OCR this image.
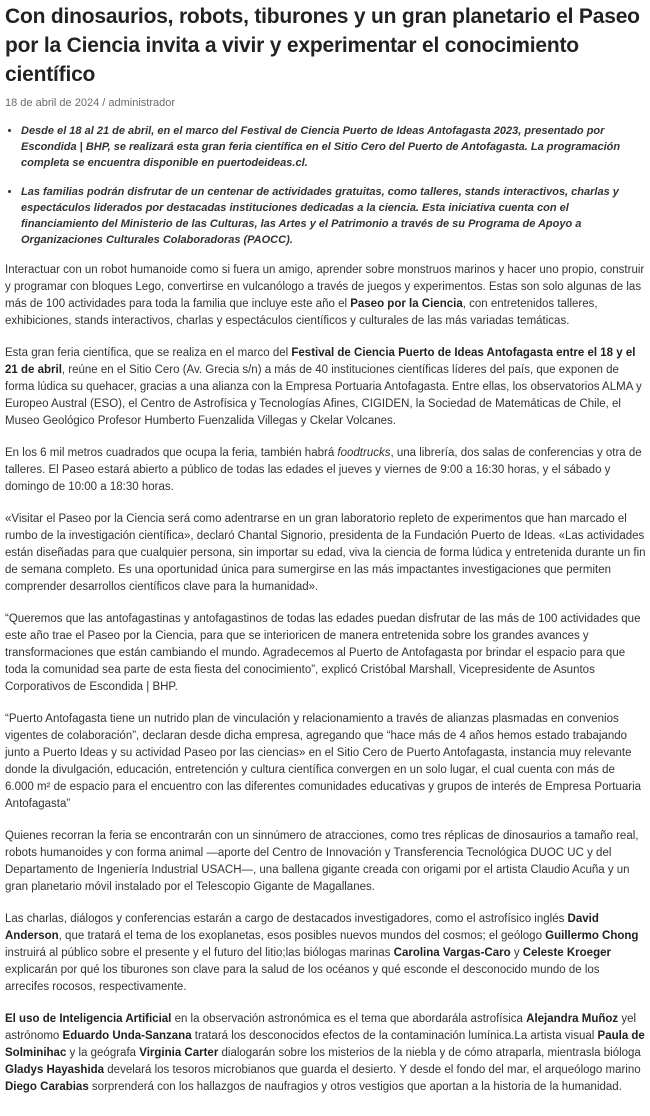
Con dinosaurios, robots, tiburones y un gran planetario el Paseo por la Ciencia invita a vivir y experimentar el conocimiento científico
18 de abril de 2024 / administrador
• Desde el 18 al 21 de abril, en el marco del Festival de Ciencia Puerto de Ideas Antofagasta 2023, presentado por Escondida | BHP, se realizará esta gran feria científica en el Sitio Cero del Puerto de Antofagasta. La programación completa se encuentra disponible en puertodeideas.cl.
• Las familias podrán disfrutar de un centenar de actividades gratuitas, como talleres, stands interactivos, charlas y espectáculos liderados por destacadas instituciones dedicadas a la ciencia. Esta iniciativa cuenta con el financiamiento del Ministerio de las Culturas, las Artes y el Patrimonio a través de su Programa de Apoyo a Organizaciones Culturales Colaboradoras (PAOCC).

Interactuar con un robot humanoide como si fuera un amigo, aprender sobre monstruos marinos y hacer uno propio, construir y programar con bloques Lego, convertirse en vulcanólogo a través de juegos y experimentos. Estas son solo algunas de las más de 100 actividades para toda la familia que incluye este año el Paseo por la Ciencia, con entretenidos talleres, exhibiciones, stands interactivos, charlas y espectáculos científicos y culturales de las más variadas temáticas.

Esta gran feria científica, que se realiza en el marco del Festival de Ciencia Puerto de Ideas Antofagasta entre el 18 y el 21 de abril, reúne en el Sitio Cero (Av. Grecia s/n) a más de 40 instituciones científicas líderes del país, que exponen de forma lúdica su quehacer, gracias a una alianza con la Empresa Portuaria Antofagasta. Entre ellas, los observatorios ALMA y Europeo Austral (ESO), el Centro de Astrofísica y Tecnologías Afines, CIGIDEN, la Sociedad de Matemáticas de Chile, el Museo Geológico Profesor Humberto Fuenzalida Villegas y Ckelar Volcanes.

En los 6 mil metros cuadrados que ocupa la feria, también habrá foodtrucks, una librería, dos salas de conferencias y otra de talleres. El Paseo estará abierto a público de todas las edades el jueves y viernes de 9:00 a 16:30 horas, y el sábado y domingo de 10:00 a 18:30 horas.

«Visitar el Paseo por la Ciencia será como adentrarse en un gran laboratorio repleto de experimentos que han marcado el rumbo de la investigación científica», declaró Chantal Signorio, presidenta de la Fundación Puerto de Ideas. «Las actividades están diseñadas para que cualquier persona, sin importar su edad, viva la ciencia de forma lúdica y entretenida durante un fin de semana completo. Es una oportunidad única para sumergirse en las más impactantes investigaciones que permiten comprender desarrollos científicos clave para la humanidad».

“Queremos que las antofagastinas y antofagastinos de todas las edades puedan disfrutar de las más de 100 actividades que este año trae el Paseo por la Ciencia, para que se interioricen de manera entretenida sobre los grandes avances y transformaciones que están cambiando el mundo. Agradecemos al Puerto de Antofagasta por brindar el espacio para que toda la comunidad sea parte de esta fiesta del conocimiento”, explicó Cristóbal Marshall, Vicepresidente de Asuntos Corporativos de Escondida | BHP.

“Puerto Antofagasta tiene un nutrido plan de vinculación y relacionamiento a través de alianzas plasmadas en convenios vigentes de colaboración”, declaran desde dicha empresa, agregando que “hace más de 4 años hemos estado trabajando junto a Puerto Ideas y su actividad Paseo por las ciencias» en el Sitio Cero de Puerto Antofagasta, instancia muy relevante donde la divulgación, educación, entretención y cultura científica convergen en un solo lugar, el cual cuenta con más de 6.000 m² de espacio para el encuentro con las diferentes comunidades educativas y grupos de interés de Empresa Portuaria Antofagasta”

Quienes recorran la feria se encontrarán con un sinnúmero de atracciones, como tres réplicas de dinosaurios a tamaño real, robots humanoides y con forma animal —aporte del Centro de Innovación y Transferencia Tecnológica DUOC UC y del Departamento de Ingeniería Industrial USACH—, una ballena gigante creada con origami por el artista Claudio Acuña y un gran planetario móvil instalado por el Telescopio Gigante de Magallanes.

Las charlas, diálogos y conferencias estarán a cargo de destacados investigadores, como el astrofísico inglés David Anderson, que tratará el tema de los exoplanetas, esos posibles nuevos mundos del cosmos; el geólogo Guillermo Chong instruirá al público sobre el presente y el futuro del litio;las biólogas marinas Carolina Vargas-Caro y Celeste Kroeger explicarán por qué los tiburones son clave para la salud de los océanos y qué esconde el desconocido mundo de los arrecifes rocosos, respectivamente.

El uso de Inteligencia Artificial en la observación astronómica es el tema que abordarála astrofísica Alejandra Muñoz yel astrónomo Eduardo Unda-Sanzana tratará los desconocidos efectos de la contaminación lumínica.La artista visual Paula de Solminihac y la geógrafa Virginia Carter dialogarán sobre los misterios de la niebla y de cómo atraparla, mientrasla bióloga Gladys Hayashida develará los tesoros microbianos que guarda el desierto. Y desde el fondo del mar, el arqueólogo marino Diego Carabias sorprenderá con los hallazgos de naufragios y otros vestigios que aportan a la historia de la humanidad.
